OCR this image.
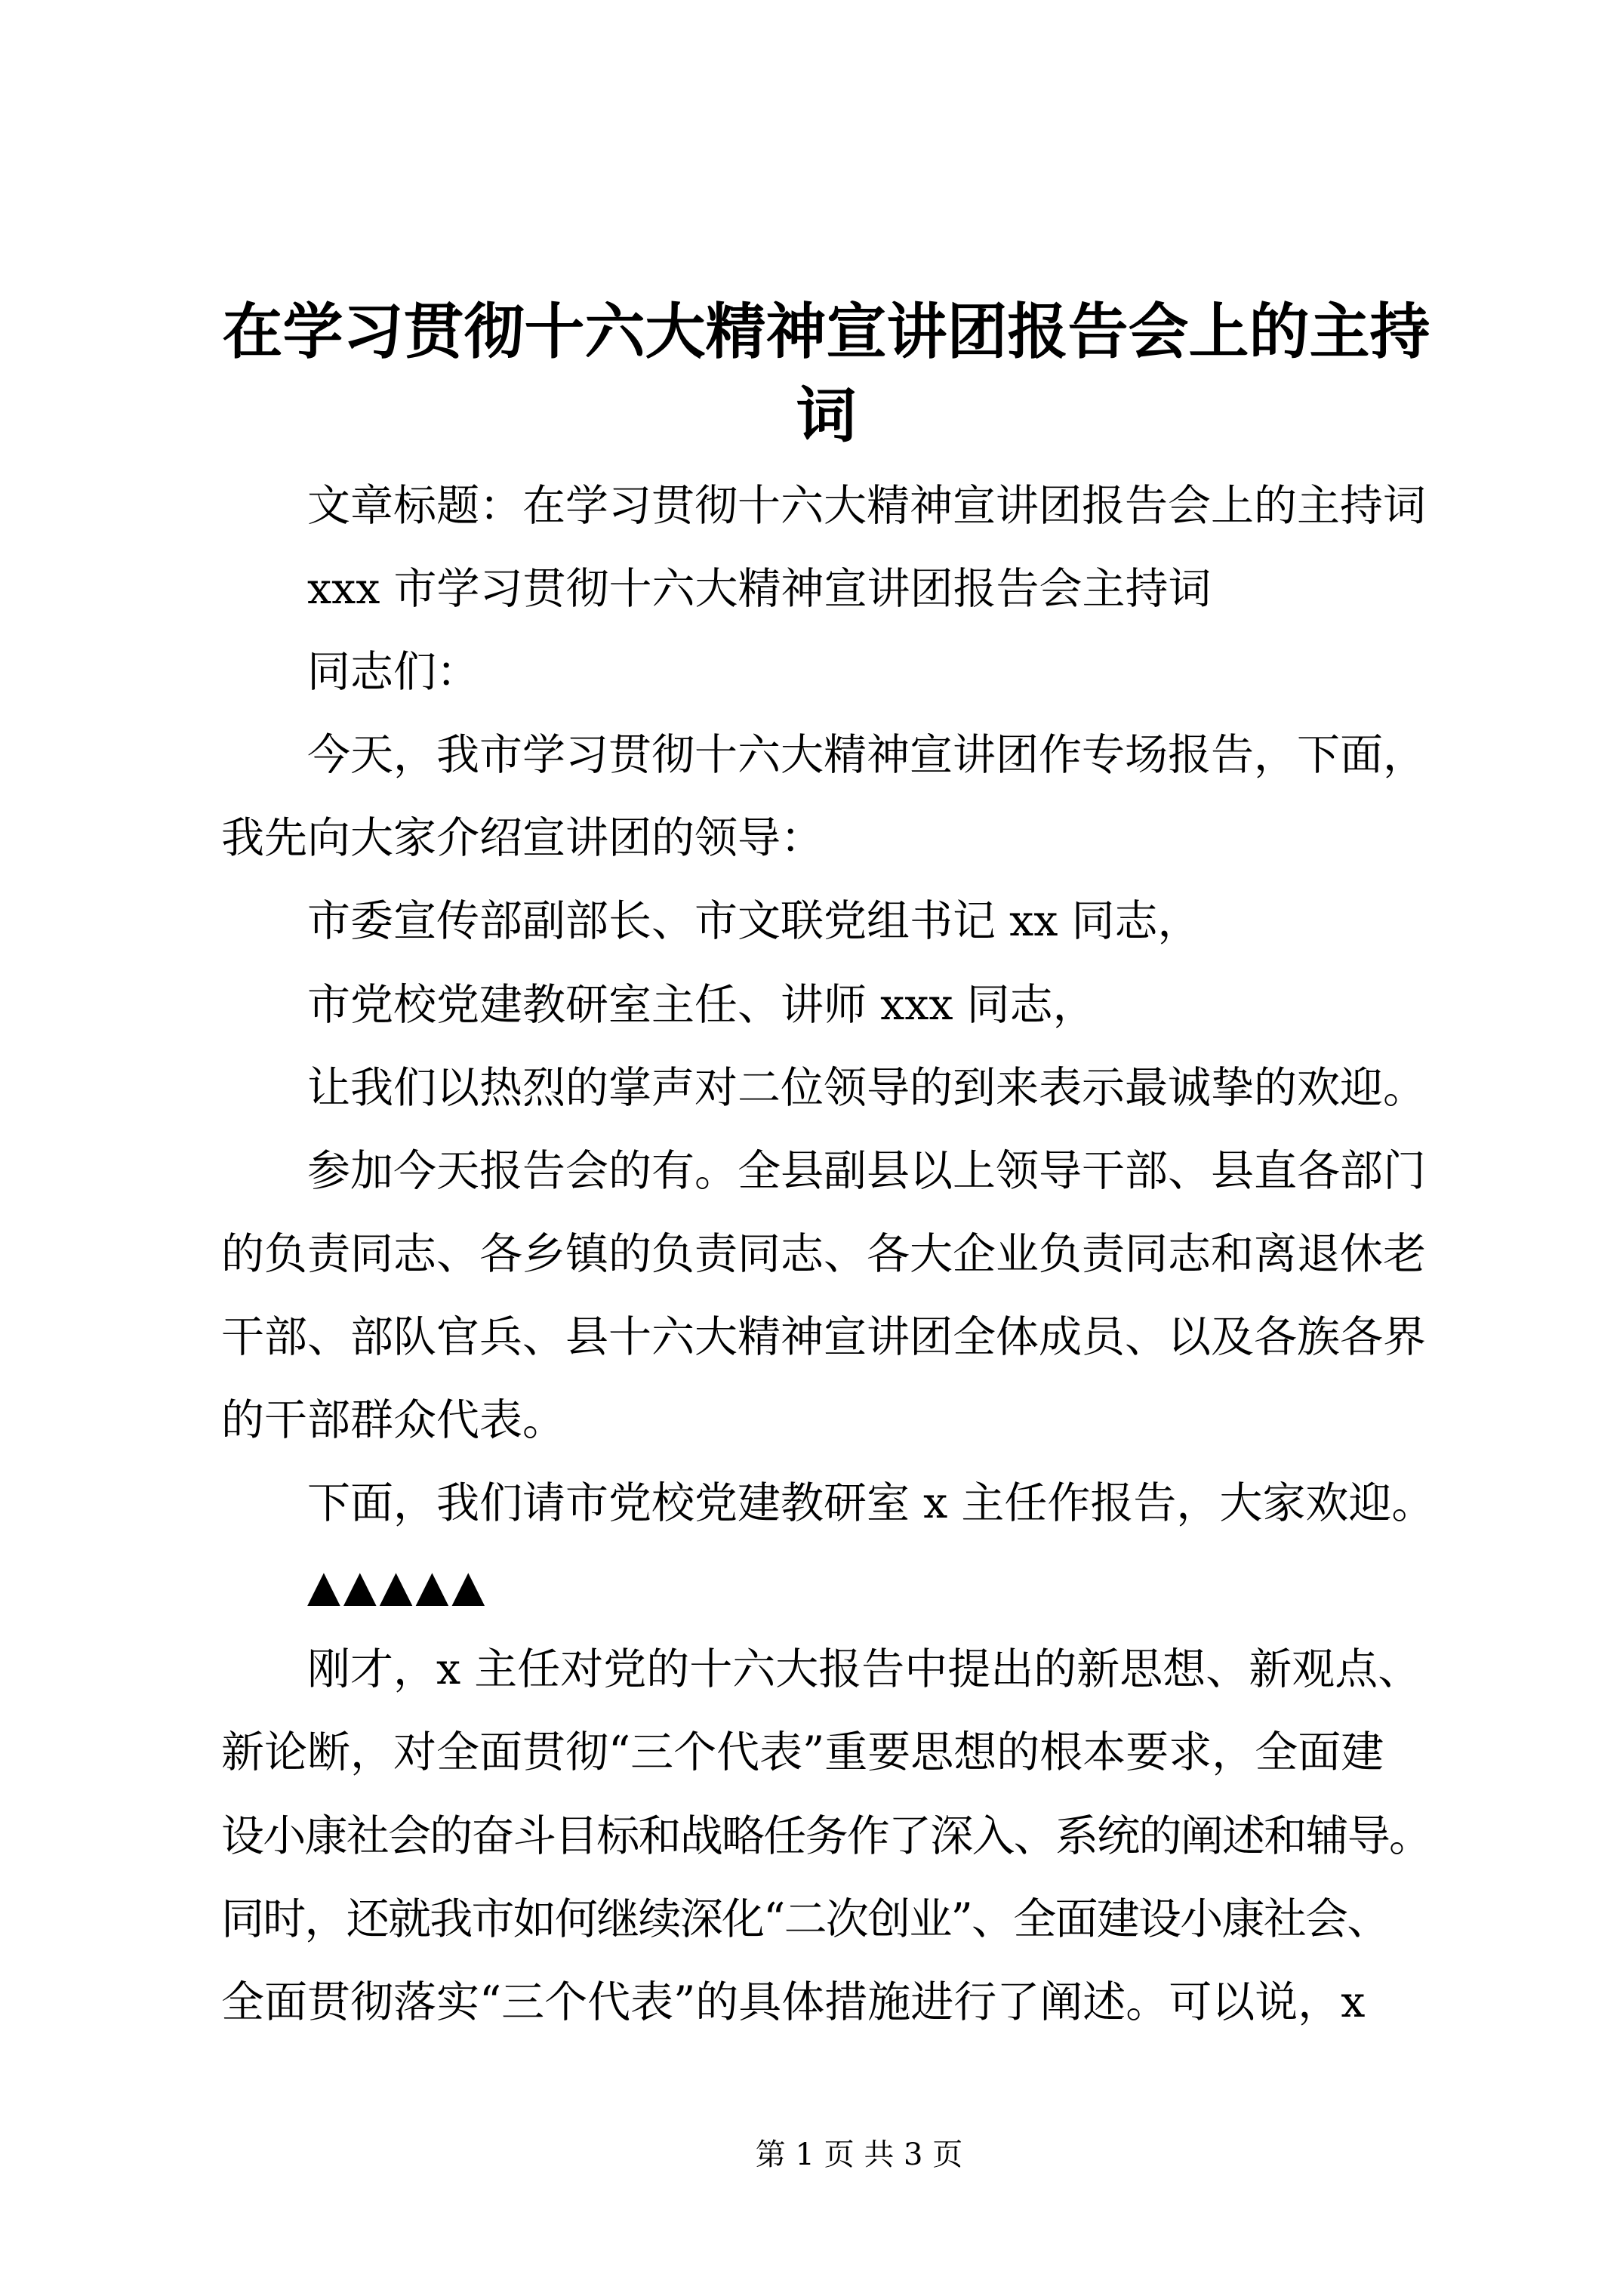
在学习贯彻十六大精神宣讲团报告会上的主持
词
文章标题：在学习贯彻十六大精神宣讲团报告会上的主持词
xxx 市学习贯彻十六大精神宣讲团报告会主持词
同志们：
今天，我市学习贯彻十六大精神宣讲团作专场报告，下面，
我先向大家介绍宣讲团的领导：
市委宣传部副部长、市文联党组书记 xx 同志，
市党校党建教研室主任、讲师 xxx 同志，
让我们以热烈的掌声对二位领导的到来表示最诚挚的欢迎。
参加今天报告会的有。全县副县以上领导干部、县直各部门
的负责同志、各乡镇的负责同志、各大企业负责同志和离退休老
干部、部队官兵、县十六大精神宣讲团全体成员、以及各族各界
的干部群众代表。
下面，我们请市党校党建教研室 x 主任作报告，大家欢迎。
▲▲▲▲▲
刚才，x 主任对党的十六大报告中提出的新思想、新观点、
新论断，对全面贯彻“三个代表”重要思想的根本要求，全面建
设小康社会的奋斗目标和战略任务作了深入、系统的阐述和辅导。
同时，还就我市如何继续深化“二次创业”、全面建设小康社会、
全面贯彻落实“三个代表”的具体措施进行了阐述。可以说，x
第 1 页 共 3 页
